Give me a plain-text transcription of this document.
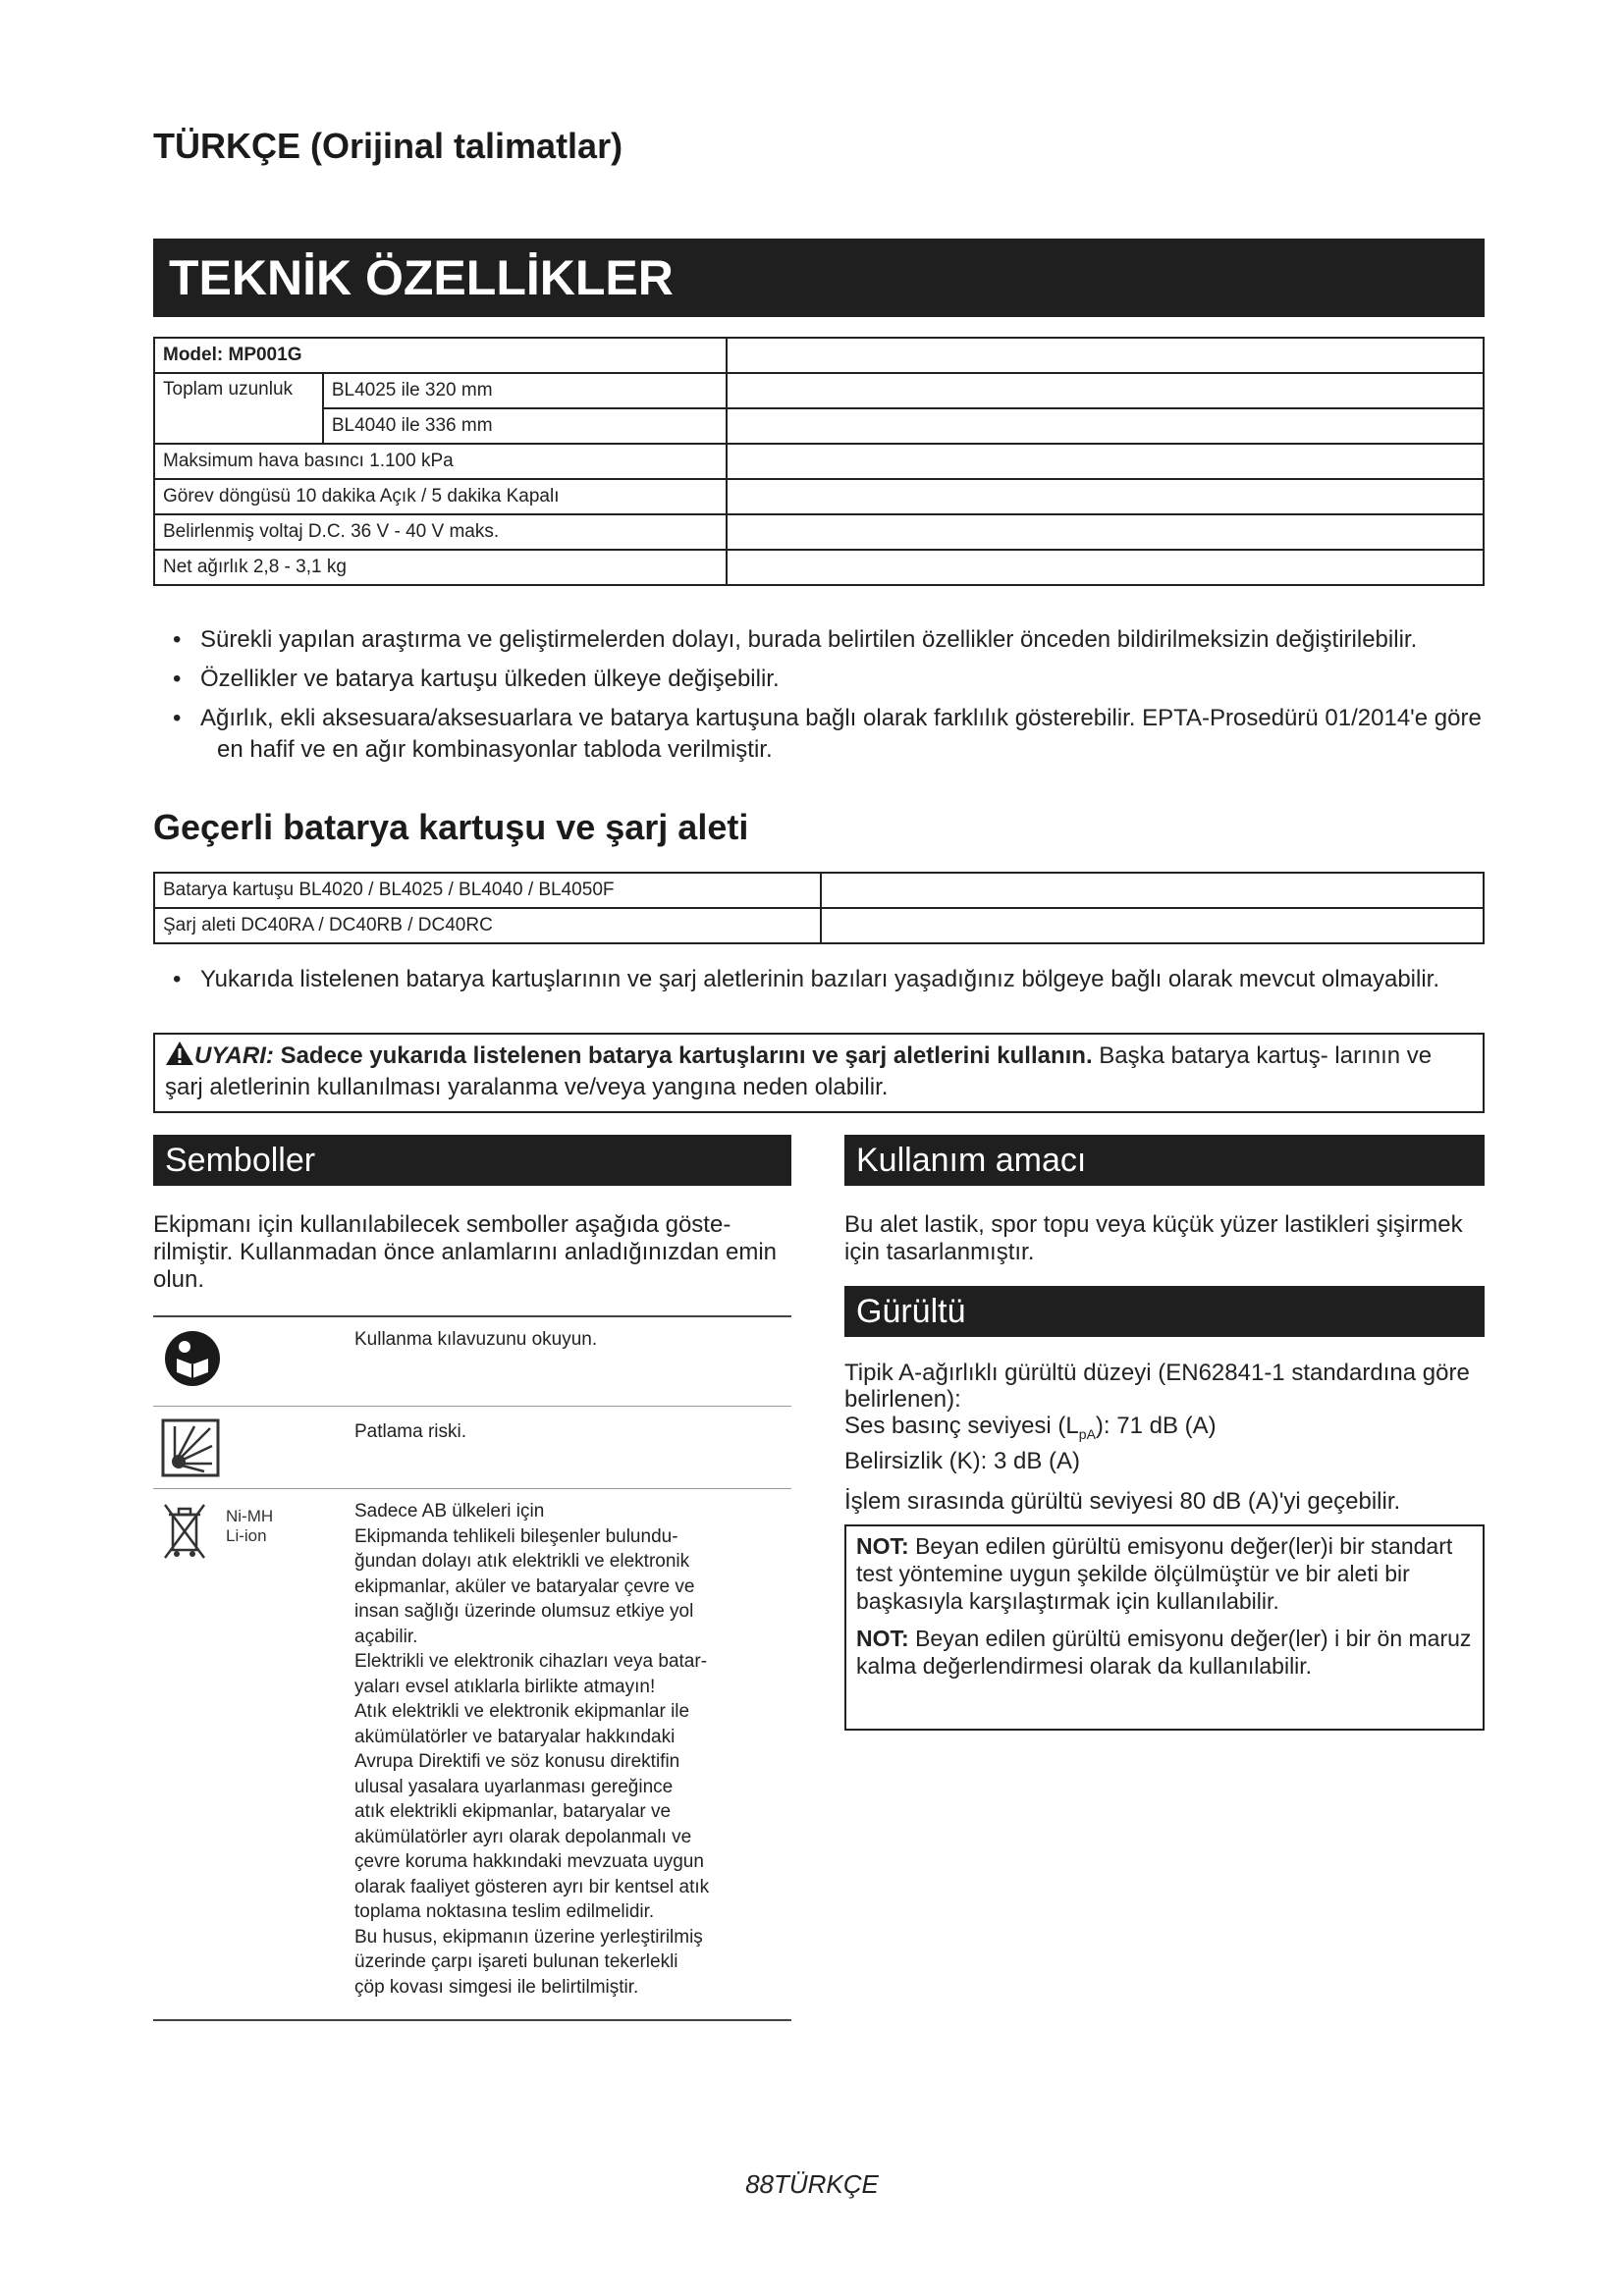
TÜRKÇE (Orijinal talimatlar)
TEKNİK ÖZELLİKLER
Model: MP001G		
Toplam uzunluk	BL4025 ile 320 mm	
	BL4040 ile 336 mm	
Maksimum hava basıncı 1.100 kPa		
Görev döngüsü 10 dakika Açık / 5 dakika Kapalı		
Belirlenmiş voltaj D.C. 36 V - 40 V maks.		
Net ağırlık 2,8 - 3,1 kg		
• Sürekli yapılan araştırma ve geliştirmelerden dolayı, burada belirtilen özellikler önceden bildirilmeksizin değiştirilebilir.
• Özellikler ve batarya kartuşu ülkeden ülkeye değişebilir.
• Ağırlık, ekli aksesuara/aksesuarlara ve batarya kartuşuna bağlı olarak farklılık gösterebilir. EPTA-Prosedürü 01/2014'e göre en hafif ve en ağır kombinasyonlar tabloda verilmiştir.
Geçerli batarya kartuşu ve şarj aleti
Batarya kartuşu BL4020 / BL4025 / BL4040 / BL4050F	
Şarj aleti DC40RA / DC40RB / DC40RC	
• Yukarıda listelenen batarya kartuşlarının ve şarj aletlerinin bazıları yaşadığınız bölgeye bağlı olarak mevcut olmayabilir.
UYARI: Sadece yukarıda listelenen batarya kartuşlarını ve şarj aletlerini kullanın. Başka batarya kartuş- larının ve şarj aletlerinin kullanılması yaralanma ve/veya yangına neden olabilir.
Semboller
Ekipmanı için kullanılabilecek semboller aşağıda göste- rilmiştir. Kullanmadan önce anlamlarını anladığınızdan emin olun.
Kullanma kılavuzunu okuyun.
Patlama riski.
Ni-MH
Li-ion
Sadece AB ülkeleri için
Ekipmanda tehlikeli bileşenler bulundu-
ğundan dolayı atık elektrikli ve elektronik
ekipmanlar, aküler ve bataryalar çevre ve
insan sağlığı üzerinde olumsuz etkiye yol
açabilir.
Elektrikli ve elektronik cihazları veya batar-
yaları evsel atıklarla birlikte atmayın!
Atık elektrikli ve elektronik ekipmanlar ile
akümülatörler ve bataryalar hakkındaki
Avrupa Direktifi ve söz konusu direktifin
ulusal yasalara uyarlanması gereğince
atık elektrikli ekipmanlar, bataryalar ve
akümülatörler ayrı olarak depolanmalı ve
çevre koruma hakkındaki mevzuata uygun
olarak faaliyet gösteren ayrı bir kentsel atık
toplama noktasına teslim edilmelidir.
Bu husus, ekipmanın üzerine yerleştirilmiş
üzerinde çarpı işareti bulunan tekerlekli
çöp kovası simgesi ile belirtilmiştir.
Kullanım amacı
Bu alet lastik, spor topu veya küçük yüzer lastikleri şişirmek için tasarlanmıştır.
Gürültü
Tipik A-ağırlıklı gürültü düzeyi (EN62841-1 standardına göre belirlenen):
Ses basınç seviyesi $(L_{pA})$: 71 dB (A)
Belirsizlik (K): 3 dB (A)
İşlem sırasında gürültü seviyesi 80 dB (A)'yi geçebilir.
NOT: Beyan edilen gürültü emisyonu değer(ler)i bir standart test yöntemine uygun şekilde ölçülmüştür ve bir aleti bir başkasıyla karşılaştırmak için kullanılabilir.
NOT: Beyan edilen gürültü emisyonu değer(ler) i bir ön maruz kalma değerlendirmesi olarak da kullanılabilir.
88TÜRKÇE
